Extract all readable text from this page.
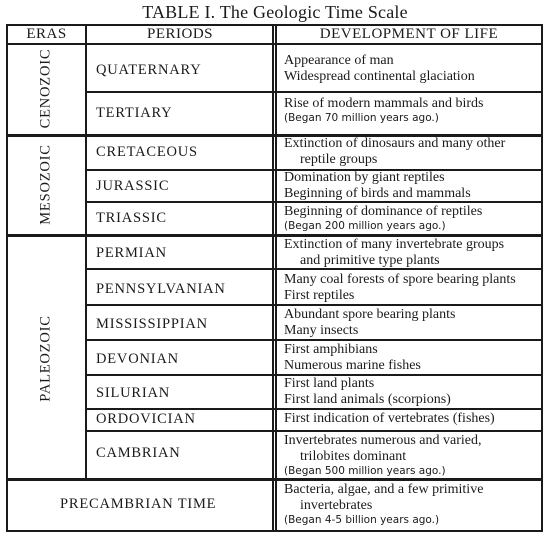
TABLE I. The Geologic Time Scale
ERAS	PERIODS	DEVELOPMENT OF LIFE
CENOZOIC
MESOZOIC
PALEOZOIC
QUATERNARY
TERTIARY
CRETACEOUS
JURASSIC
TRIASSIC
PERMIAN
PENNSYLVANIAN
MISSISSIPPIAN
DEVONIAN
SILURIAN
ORDOVICIAN
CAMBRIAN
Appearance of man
Widespread continental glaciation
Rise of modern mammals and birds
(Began 70 million years ago.)
Extinction of dinosaurs and many other
reptile groups
Domination by giant reptiles
Beginning of birds and mammals
Beginning of dominance of reptiles
(Began 200 million years ago.)
Extinction of many invertebrate groups
and primitive type plants
Many coal forests of spore bearing plants
First reptiles
Abundant spore bearing plants
Many insects
First amphibians
Numerous marine fishes
First land plants
First land animals (scorpions)
First indication of vertebrates (fishes)
Invertebrates numerous and varied,
trilobites dominant
(Began 500 million years ago.)
PRECAMBRIAN TIME
Bacteria, algae, and a few primitive
invertebrates
(Began 4-5 billion years ago.)
